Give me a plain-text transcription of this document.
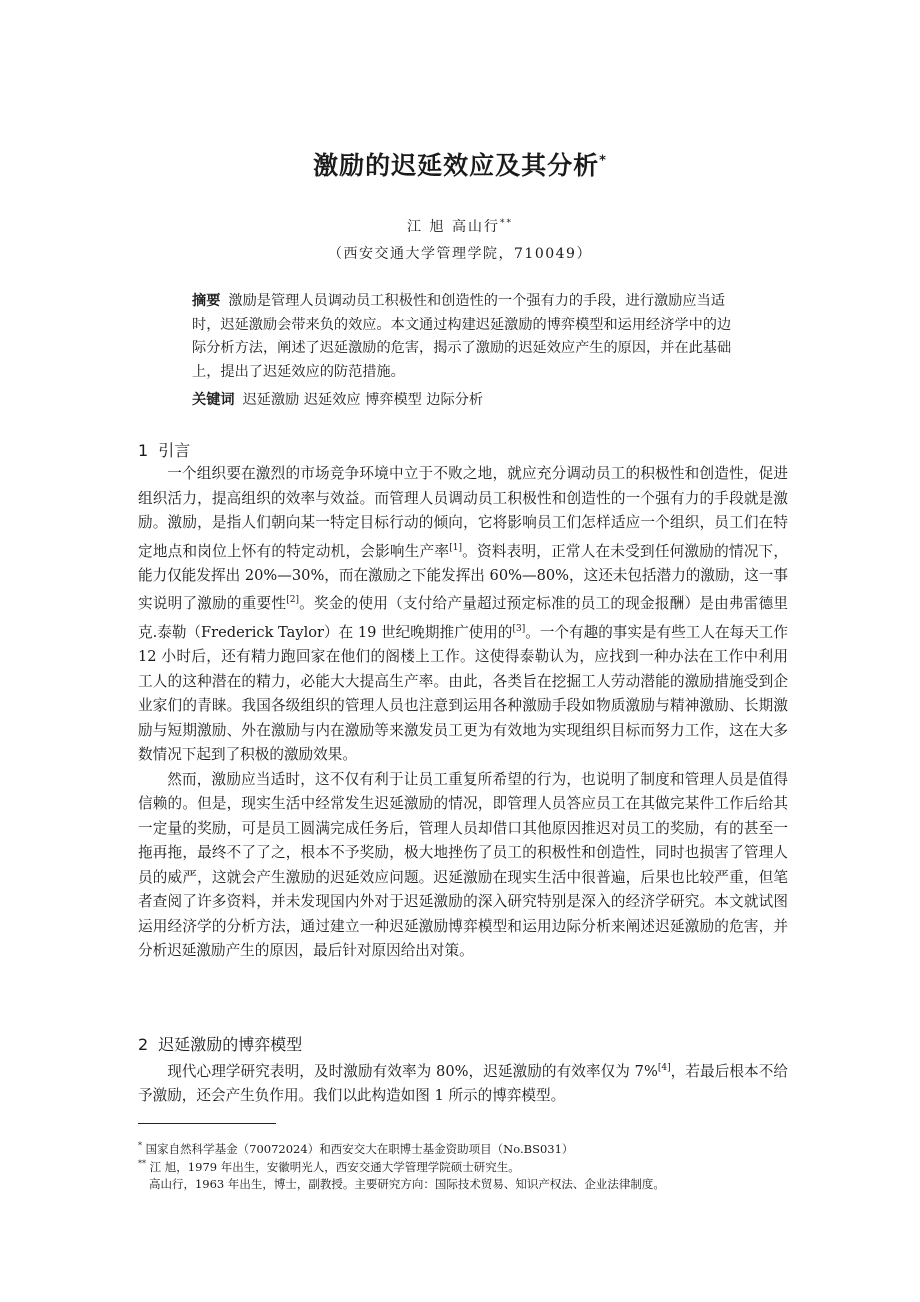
激励的迟延效应及其分析*
江 旭 高山行**
（西安交通大学管理学院，710049）
摘要 激励是管理人员调动员工积极性和创造性的一个强有力的手段，进行激励应当适时，迟延激励会带来负的效应。本文通过构建迟延激励的博弈模型和运用经济学中的边际分析方法，阐述了迟延激励的危害，揭示了激励的迟延效应产生的原因，并在此基础上，提出了迟延效应的防范措施。
关键词 迟延激励 迟延效应 博弈模型 边际分析
1 引言

一个组织要在激烈的市场竞争环境中立于不败之地，就应充分调动员工的积极性和创造性，促进组织活力，提高组织的效率与效益。而管理人员调动员工积极性和创造性的一个强有力的手段就是激励。激励，是指人们朝向某一特定目标行动的倾向，它将影响员工们怎样适应一个组织，员工们在特定地点和岗位上怀有的特定动机，会影响生产率[1]。资料表明，正常人在未受到任何激励的情况下，能力仅能发挥出 20%—30%，而在激励之下能发挥出 60%—80%，这还未包括潜力的激励，这一事实说明了激励的重要性[2]。奖金的使用（支付给产量超过预定标准的员工的现金报酬）是由弗雷德里克.泰勒（Frederick Taylor）在 19 世纪晚期推广使用的[3]。一个有趣的事实是有些工人在每天工作 12 小时后，还有精力跑回家在他们的阁楼上工作。这使得泰勒认为，应找到一种办法在工作中利用工人的这种潜在的精力，必能大大提高生产率。由此，各类旨在挖掘工人劳动潜能的激励措施受到企业家们的青睐。我国各级组织的管理人员也注意到运用各种激励手段如物质激励与精神激励、长期激励与短期激励、外在激励与内在激励等来激发员工更为有效地为实现组织目标而努力工作，这在大多数情况下起到了积极的激励效果。

然而，激励应当适时，这不仅有利于让员工重复所希望的行为，也说明了制度和管理人员是值得信赖的。但是，现实生活中经常发生迟延激励的情况，即管理人员答应员工在其做完某件工作后给其一定量的奖励，可是员工圆满完成任务后，管理人员却借口其他原因推迟对员工的奖励，有的甚至一拖再拖，最终不了了之，根本不予奖励，极大地挫伤了员工的积极性和创造性，同时也损害了管理人员的威严，这就会产生激励的迟延效应问题。迟延激励在现实生活中很普遍，后果也比较严重，但笔者查阅了许多资料，并未发现国内外对于迟延激励的深入研究特别是深入的经济学研究。本文就试图运用经济学的分析方法，通过建立一种迟延激励博弈模型和运用边际分析来阐述迟延激励的危害，并分析迟延激励产生的原因，最后针对原因给出对策。

2 迟延激励的博弈模型

现代心理学研究表明，及时激励有效率为 80%，迟延激励的有效率仅为 7%[4]，若最后根本不给予激励，还会产生负作用。我们以此构造如图 1 所示的博弈模型。

* 国家自然科学基金（70072024）和西安交大在职博士基金资助项目（No.BS031）
** 江 旭，1979 年出生，安徽明光人，西安交通大学管理学院硕士研究生。
高山行，1963 年出生，博士，副教授。主要研究方向：国际技术贸易、知识产权法、企业法律制度。
